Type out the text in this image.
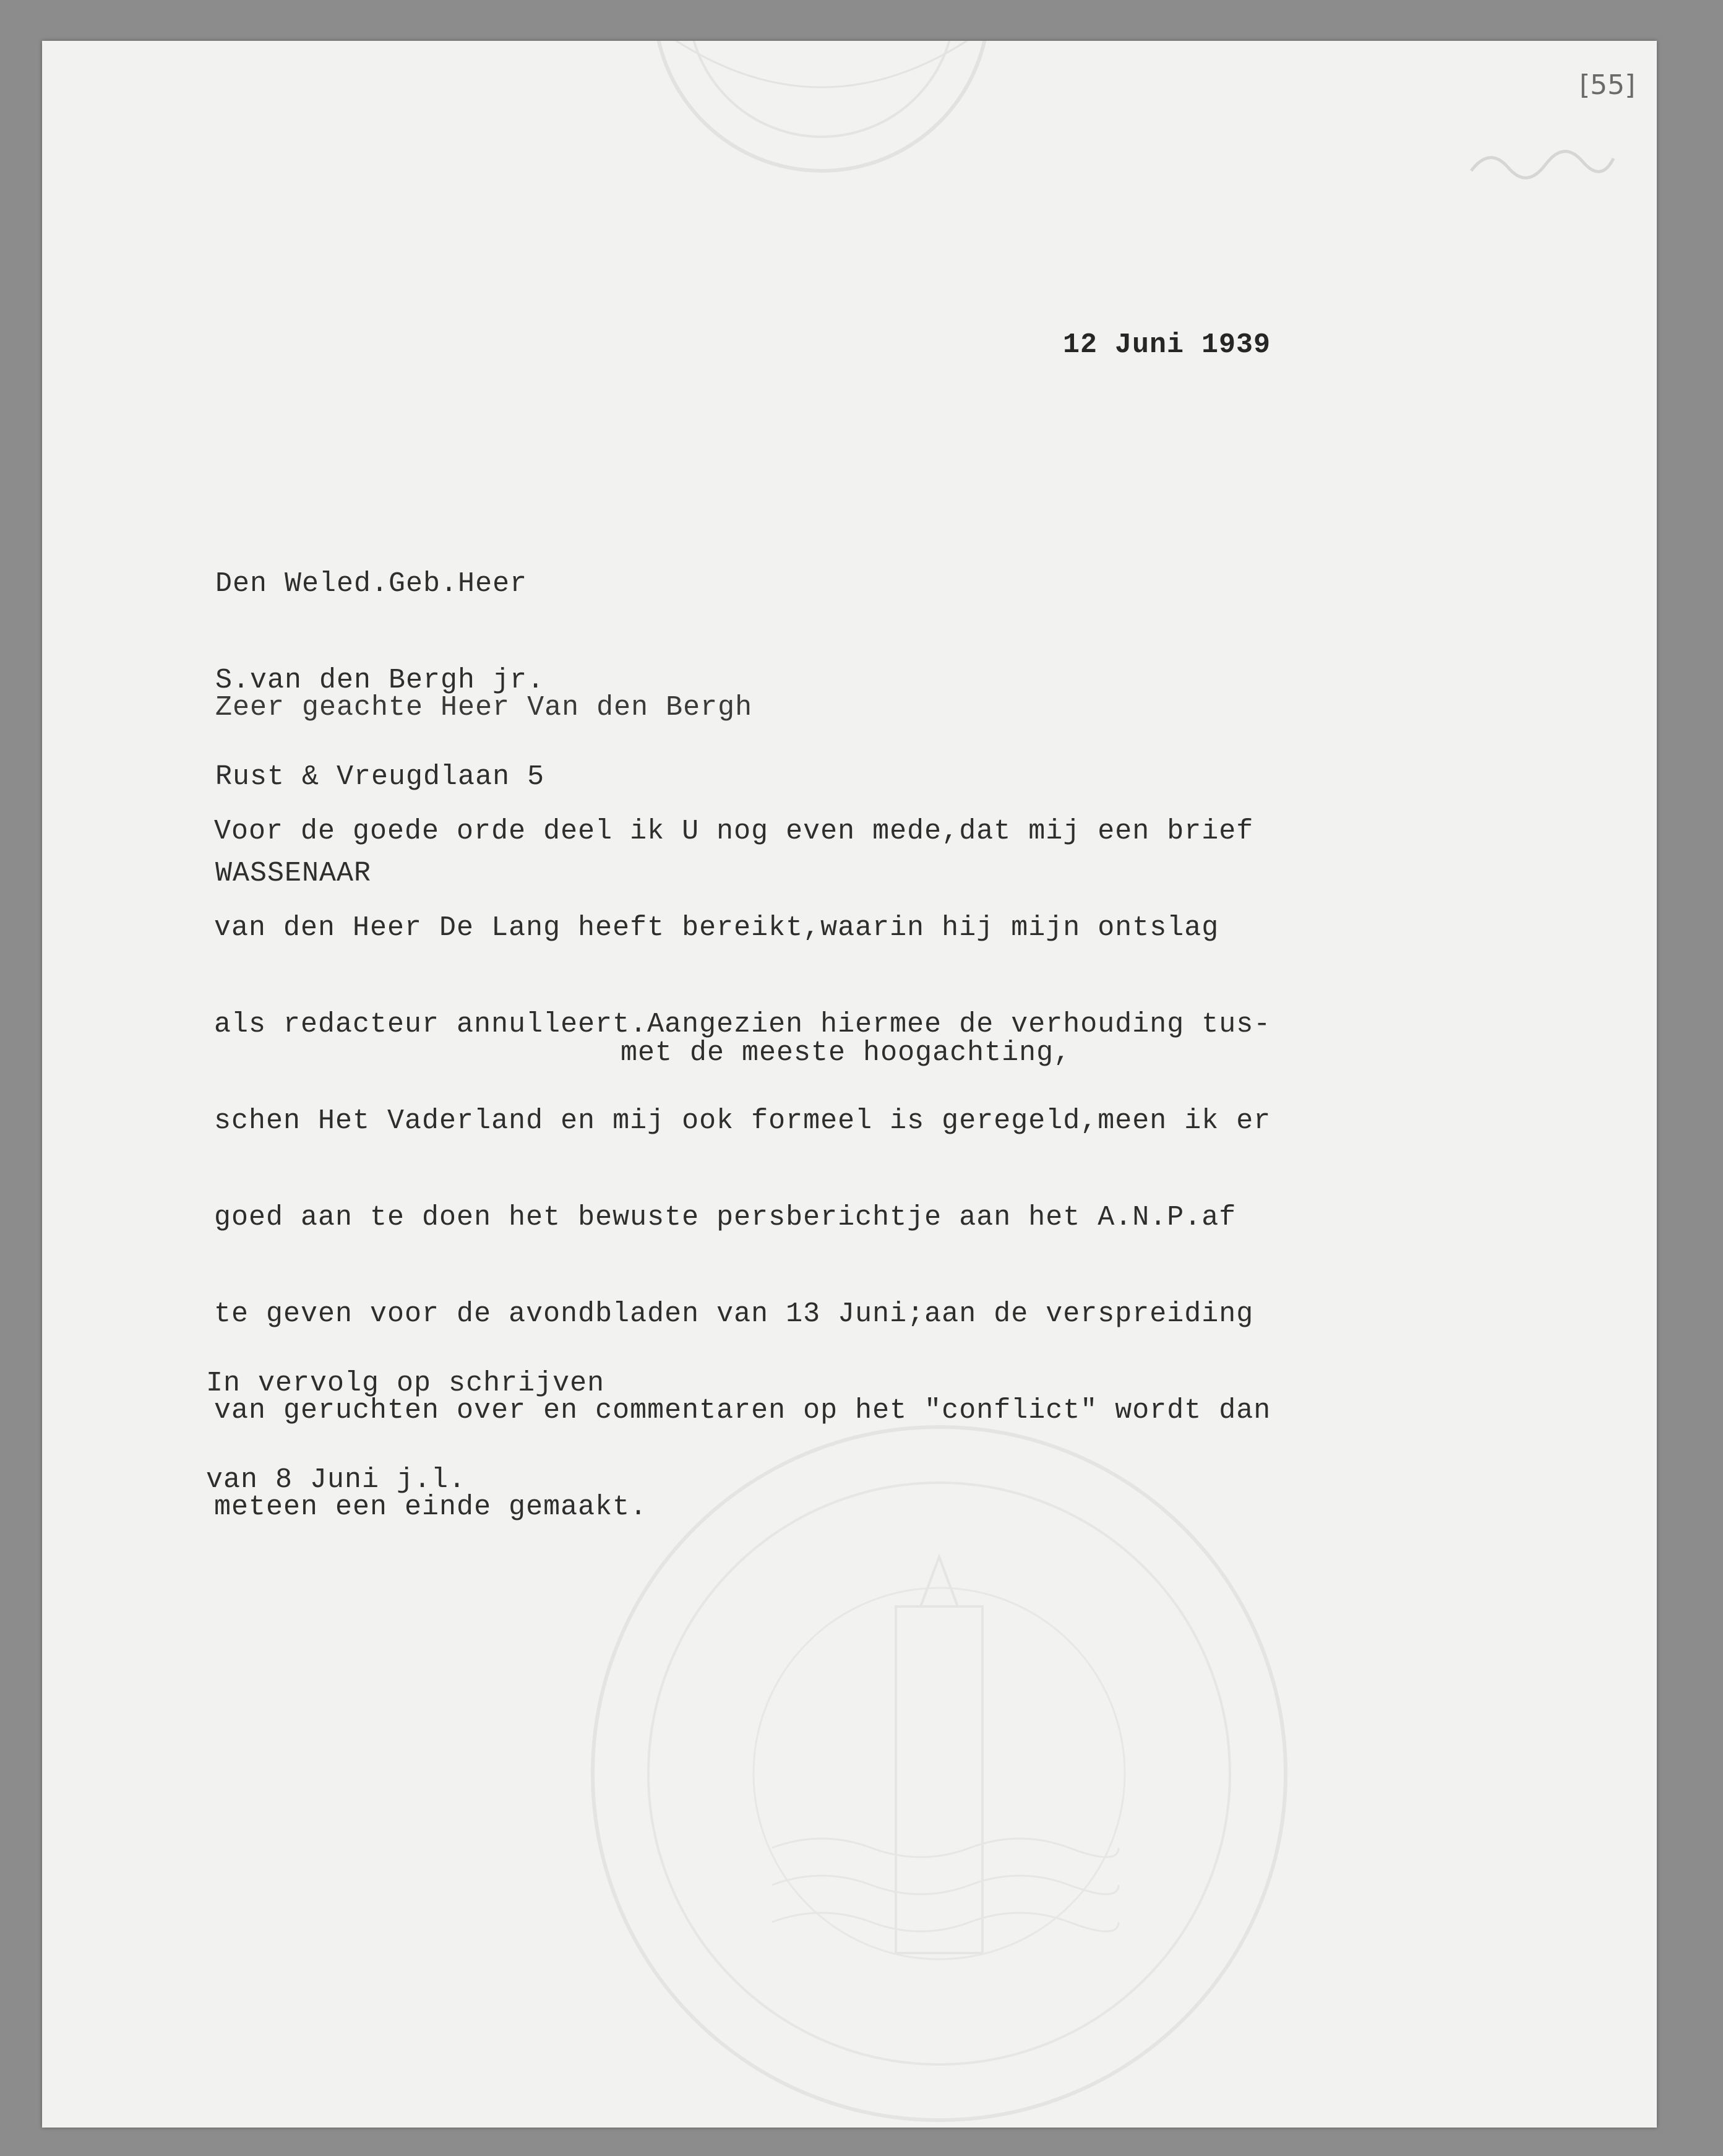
[55]
12 Juni 1939

Den Weled.Geb.Heer

S.van den Bergh jr.

Rust & Vreugdlaan 5

WASSENAAR

Zeer geachte Heer Van den Bergh

Voor de goede orde deel ik U nog even mede,dat mij een brief

van den Heer De Lang heeft bereikt,waarin hij mijn ontslag

als redacteur annulleert.Aangezien hiermee de verhouding tus-

schen Het Vaderland en mij ook formeel is geregeld,meen ik er

goed aan te doen het bewuste persberichtje aan het A.N.P.af

te geven voor de avondbladen van 13 Juni;aan de verspreiding

van geruchten over en commentaren op het "conflict" wordt dan

meteen een einde gemaakt.

met de meeste hoogachting,

In vervolg op schrijven

van 8 Juni j.l.
